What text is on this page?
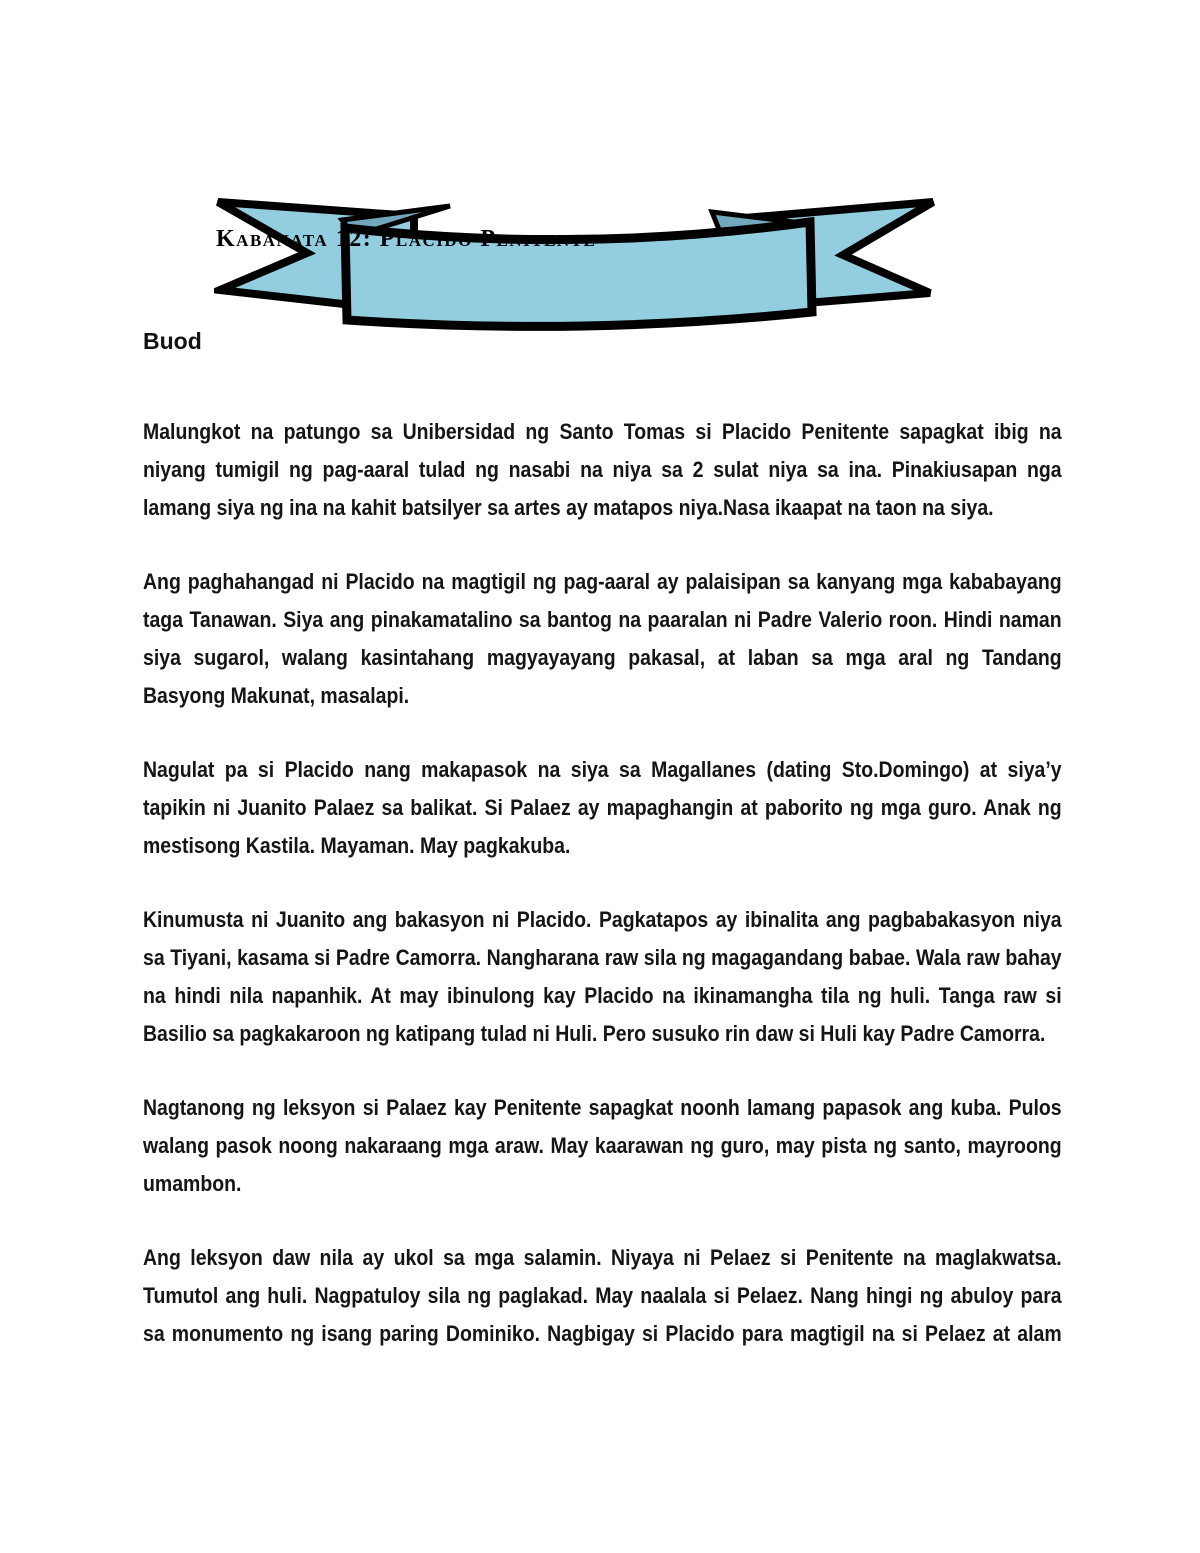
Kabanata 12: Placido Penitente
Buod

Malungkot na patungo sa Unibersidad ng Santo Tomas si Placido Penitente sapagkat ibig na niyang tumigil ng pag-aaral tulad ng nasabi na niya sa 2 sulat niya sa ina. Pinakiusapan nga lamang siya ng ina na kahit batsilyer sa artes ay matapos niya.Nasa ikaapat na taon na siya.

Ang paghahangad ni Placido na magtigil ng pag-aaral ay palaisipan sa kanyang mga kababayang taga Tanawan. Siya ang pinakamatalino sa bantog na paaralan ni Padre Valerio roon. Hindi naman siya sugarol, walang kasintahang magyayayang pakasal, at laban sa mga aral ng Tandang Basyong Makunat, masalapi.

Nagulat pa si Placido nang makapasok na siya sa Magallanes (dating Sto.Domingo) at siya’y tapikin ni Juanito Palaez sa balikat. Si Palaez ay mapaghangin at paborito ng mga guro. Anak ng mestisong Kastila. Mayaman. May pagkakuba.

Kinumusta ni Juanito ang bakasyon ni Placido. Pagkatapos ay ibinalita ang pagbabakasyon niya sa Tiyani, kasama si Padre Camorra. Nangharana raw sila ng magagandang babae. Wala raw bahay na hindi nila napanhik. At may ibinulong kay Placido na ikinamangha tila ng huli. Tanga raw si Basilio sa pagkakaroon ng katipang tulad ni Huli. Pero susuko rin daw si Huli kay Padre Camorra.

Nagtanong ng leksyon si Palaez kay Penitente sapagkat noonh lamang papasok ang kuba. Pulos walang pasok noong nakaraang mga araw. May kaarawan ng guro, may pista ng santo, mayroong umambon.

Ang leksyon daw nila ay ukol sa mga salamin. Niyaya ni Pelaez si Penitente na maglakwatsa. Tumutol ang huli. Nagpatuloy sila ng paglakad. May naalala si Pelaez. Nang hingi ng abuloy para sa monumento ng isang paring Dominiko. Nagbigay si Placido para magtigil na si Pelaez at alam
